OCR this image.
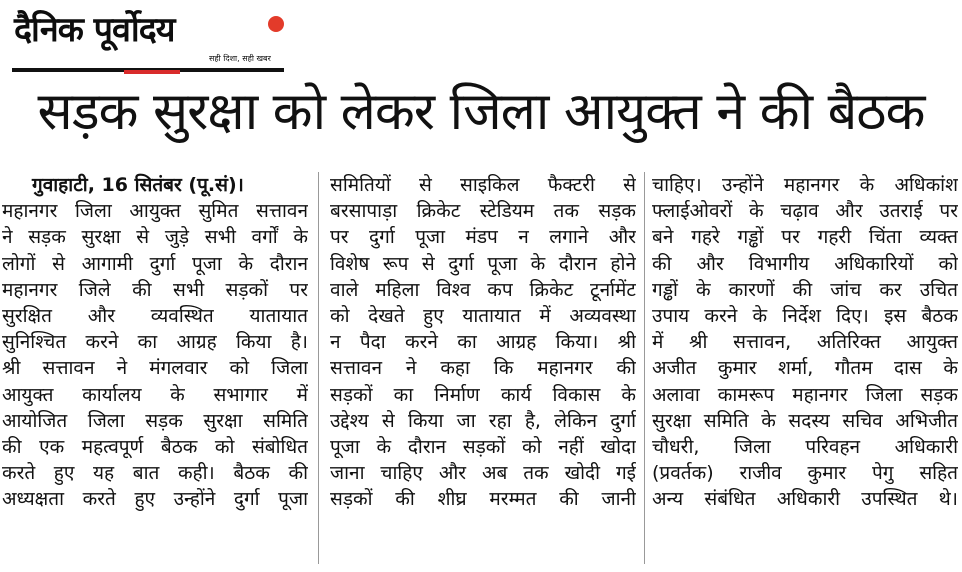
दैनिक पूर्वोदय
सही दिशा, सही खबर
सड़क सुरक्षा को लेकर जिला आयुक्त ने की बैठक
गुवाहाटी, 16 सितंबर (पू.सं)।
महानगर जिला आयुक्त सुमित सत्तावन
ने सड़क सुरक्षा से जुड़े सभी वर्गों के
लोगों से आगामी दुर्गा पूजा के दौरान
महानगर जिले की सभी सड़कों पर
सुरक्षित और व्यवस्थित यातायात
सुनिश्चित करने का आग्रह किया है।
श्री सत्तावन ने मंगलवार को जिला
आयुक्त कार्यालय के सभागार में
आयोजित जिला सड़क सुरक्षा समिति
की एक महत्वपूर्ण बैठक को संबोधित
करते हुए यह बात कही। बैठक की
अध्यक्षता करते हुए उन्होंने दुर्गा पूजा
समितियों से साइकिल फैक्टरी से
बरसापाड़ा क्रिकेट स्टेडियम तक सड़क
पर दुर्गा पूजा मंडप न लगाने और
विशेष रूप से दुर्गा पूजा के दौरान होने
वाले महिला विश्व कप क्रिकेट टूर्नामेंट
को देखते हुए यातायात में अव्यवस्था
न पैदा करने का आग्रह किया। श्री
सत्तावन ने कहा कि महानगर की
सड़कों का निर्माण कार्य विकास के
उद्देश्य से किया जा रहा है, लेकिन दुर्गा
पूजा के दौरान सड़कों को नहीं खोदा
जाना चाहिए और अब तक खोदी गई
सड़कों की शीघ्र मरम्मत की जानी
चाहिए। उन्होंने महानगर के अधिकांश
फ्लाईओवरों के चढ़ाव और उतराई पर
बने गहरे गड्ढों पर गहरी चिंता व्यक्त
की और विभागीय अधिकारियों को
गड्ढों के कारणों की जांच कर उचित
उपाय करने के निर्देश दिए। इस बैठक
में श्री सत्तावन, अतिरिक्त आयुक्त
अजीत कुमार शर्मा, गौतम दास के
अलावा कामरूप महानगर जिला सड़क
सुरक्षा समिति के सदस्य सचिव अभिजीत
चौधरी, जिला परिवहन अधिकारी
(प्रवर्तक) राजीव कुमार पेगु सहित
अन्य संबंधित अधिकारी उपस्थित थे।
